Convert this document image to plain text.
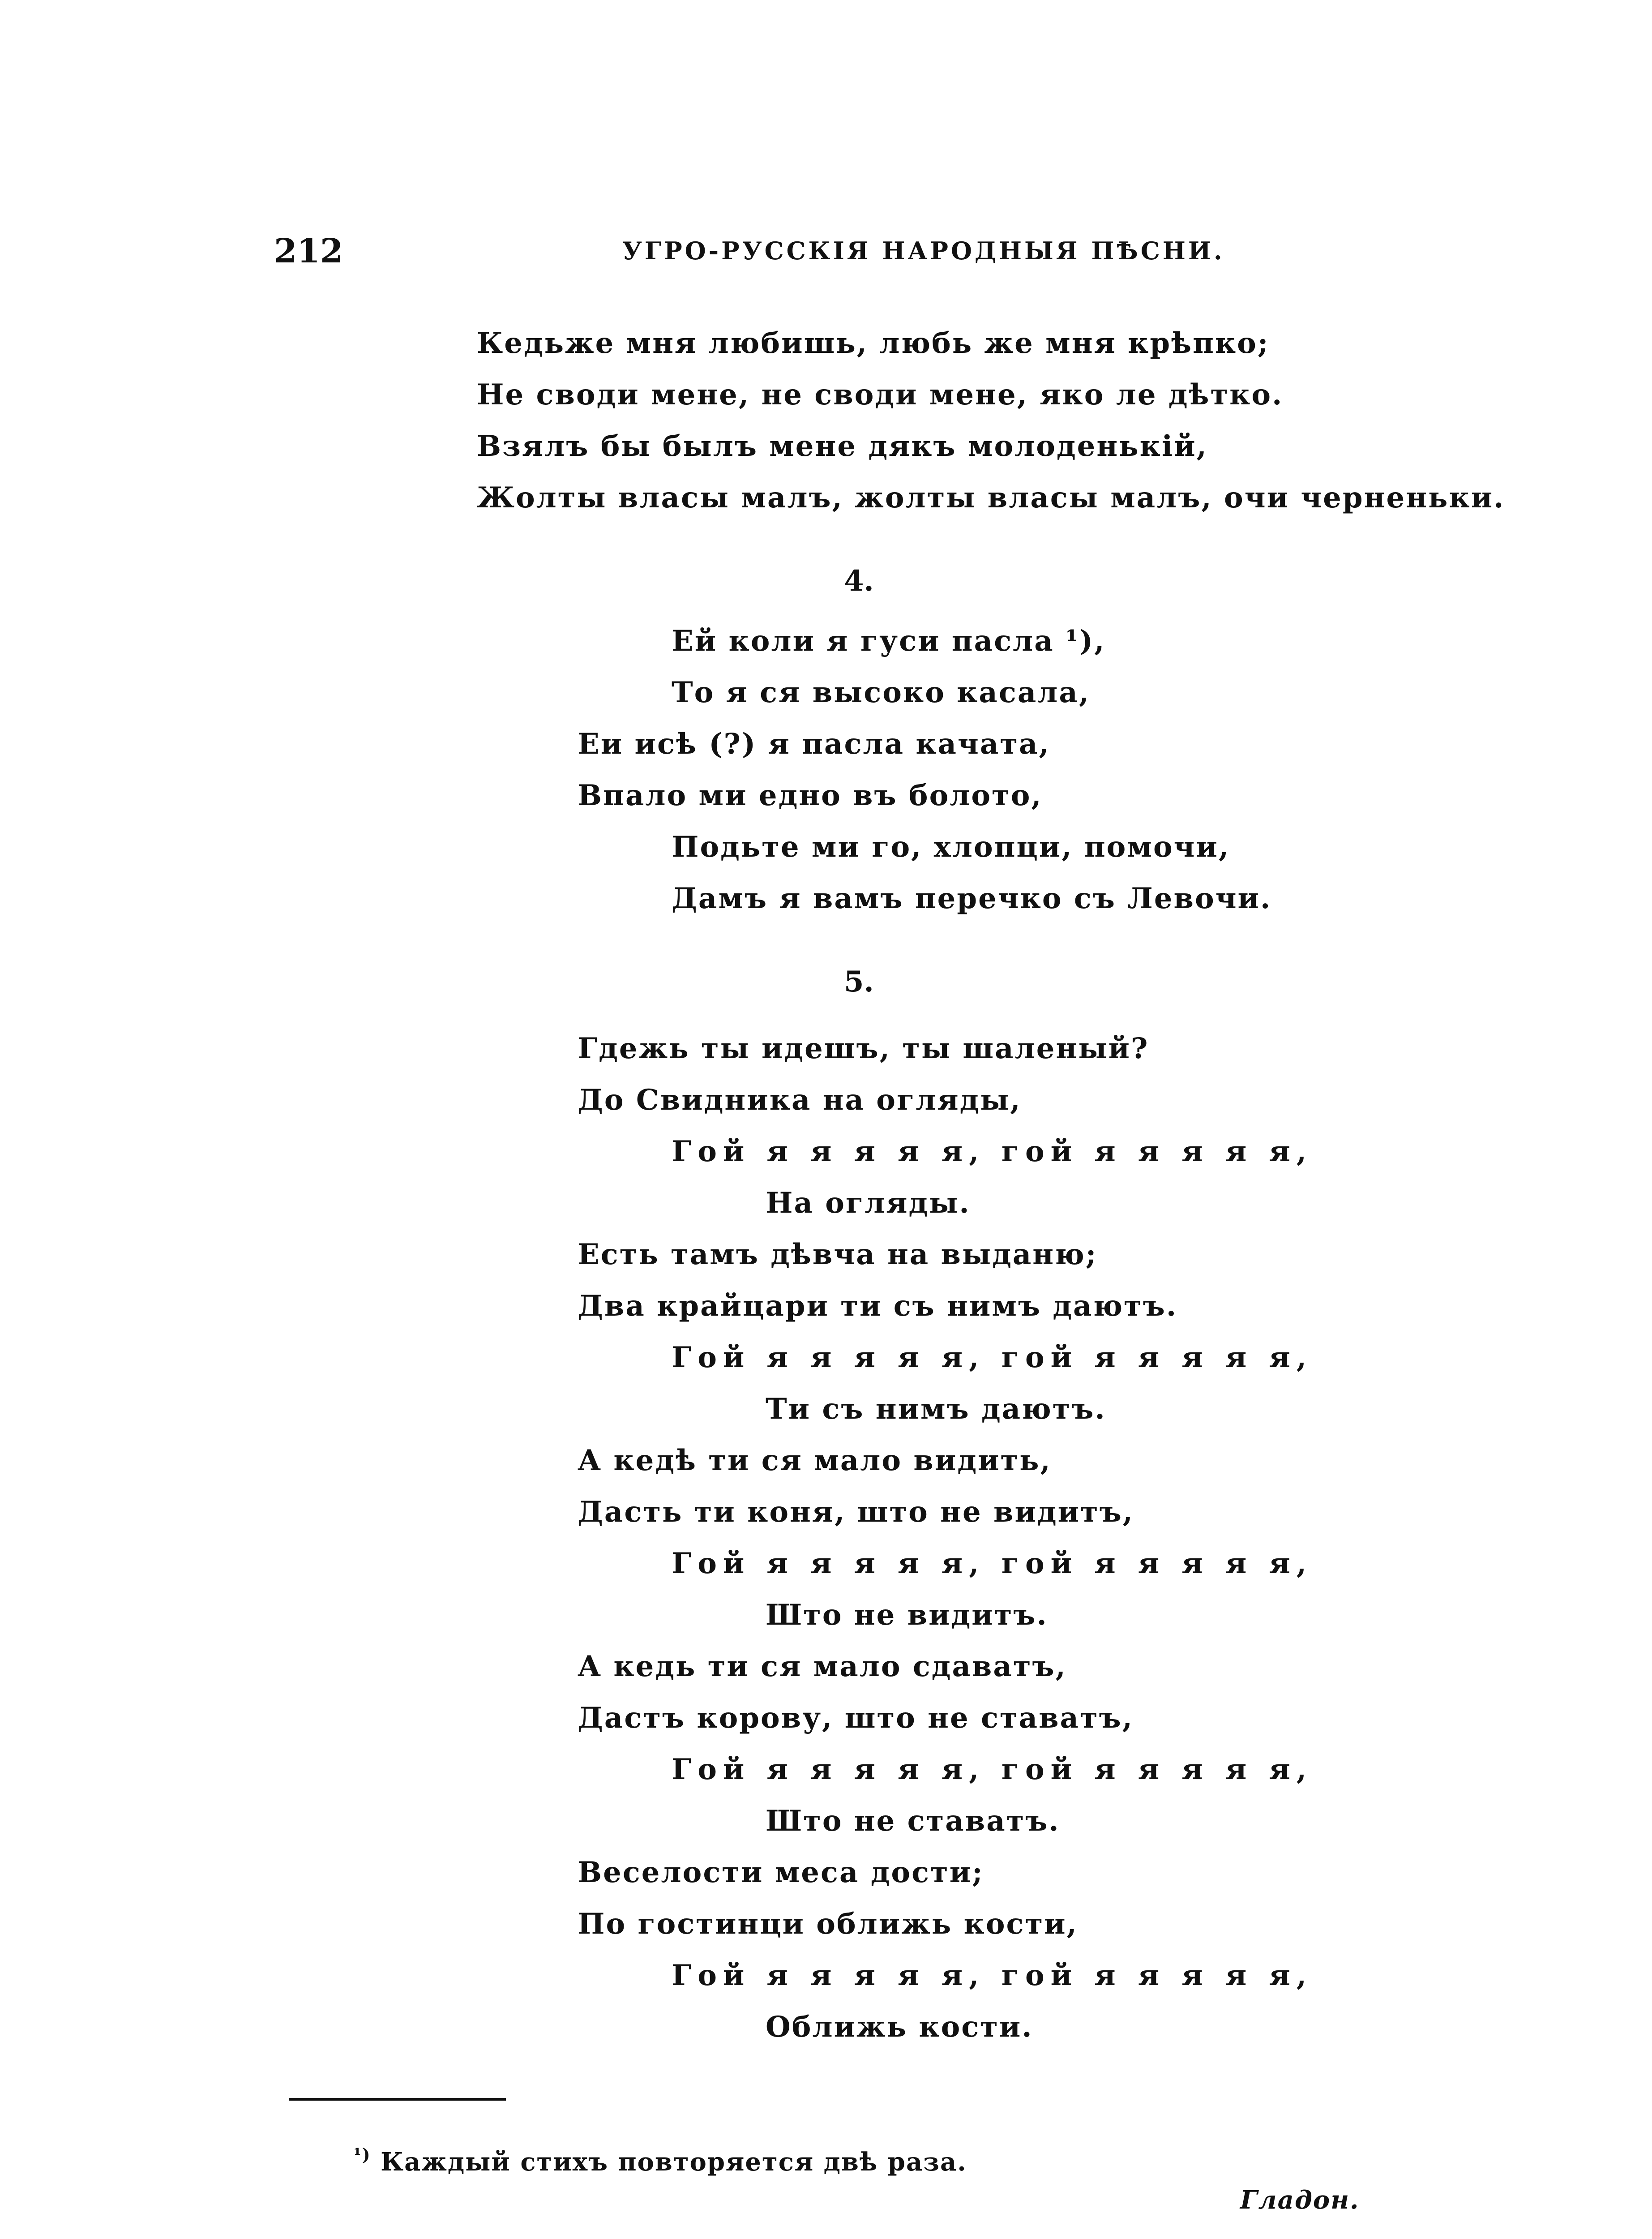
212	УГРО-РУССКІЯ НАРОДНЫЯ ПѢСНИ.
Кедьже мня любишь, любь же мня крѣпко;
Не своди мене, не своди мене, яко ле дѣтко.
Взялъ бы былъ мене дякъ молоденькій,
Жолты власы малъ, жолты власы малъ, очи черненьки.
4.
Ей коли я гуси пасла ¹),
То я ся высоко касала,
Еи исѣ (?) я пасла качата,
Впало ми едно въ болото,
Подьте ми го, хлопци, помочи,
Дамъ я вамъ перечко съ Левочи.
5.
Гдежь ты идешъ, ты шаленый?
До Свидника на огляды,
Гой я я я я я, гой я я я я я,
На огляды.
Есть тамъ дѣвча на выданю;
Два крайцари ти съ нимъ даютъ.
Гой я я я я я, гой я я я я я,
Ти съ нимъ даютъ.
А кедѣ ти ся мало видить,
Дасть ти коня, што не видитъ,
Гой я я я я я, гой я я я я я,
Што не видитъ.
А кедь ти ся мало сдаватъ,
Дастъ корову, што не ставатъ,
Гой я я я я я, гой я я я я я,
Што не ставатъ.
Веселости меса дости;
По гостинци оближь кости,
Гой я я я я я, гой я я я я я,
Оближь кости.
$^{^1)}$ Каждый стихъ повторяется двѣ раза.
Гладон.
